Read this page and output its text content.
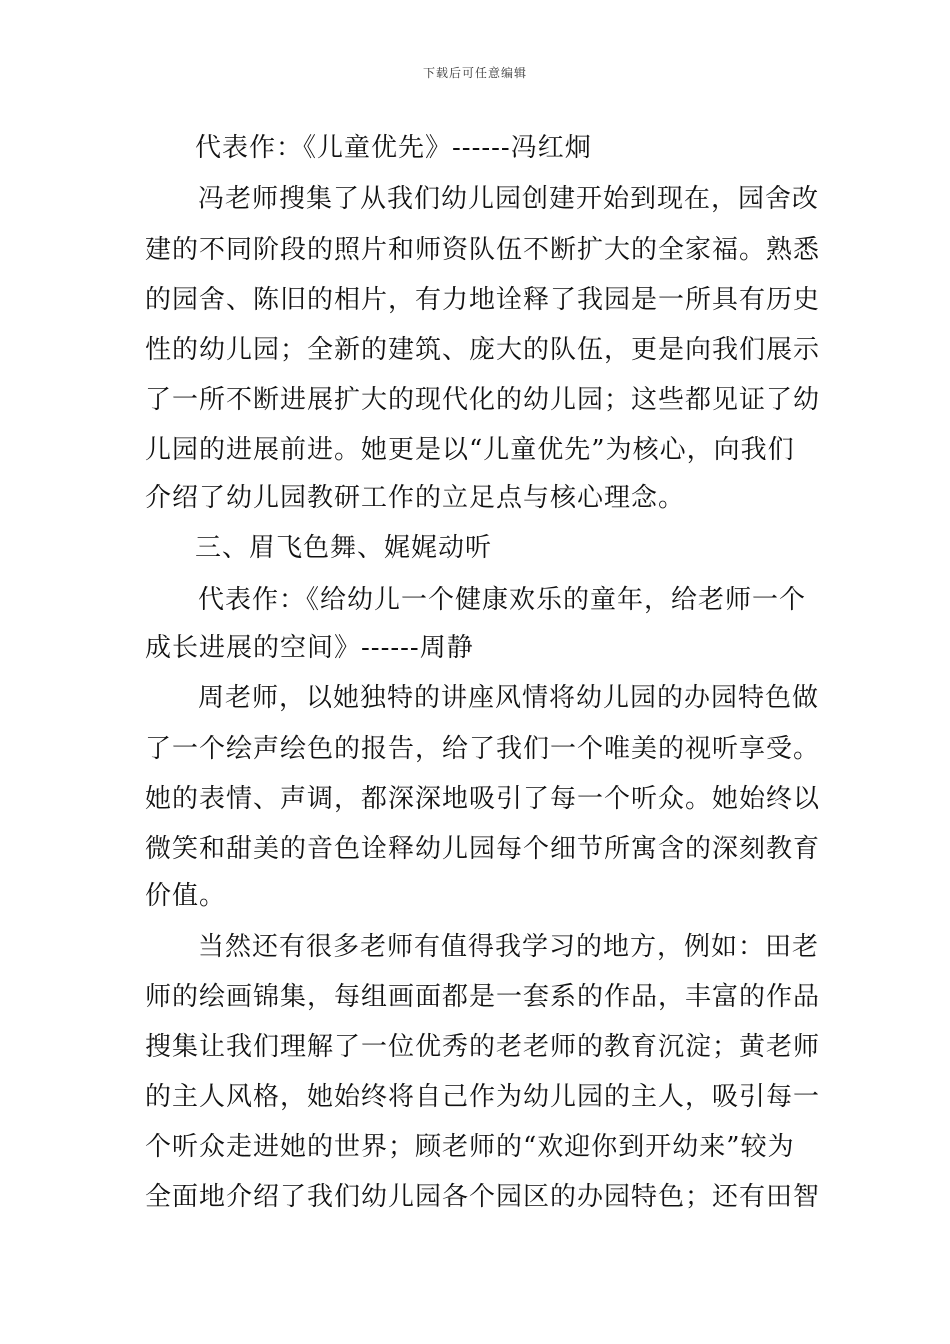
下载后可任意编辑
代表作：《儿童优先》------冯红炯
冯老师搜集了从我们幼儿园创建开始到现在，园舍改
建的不同阶段的照片和师资队伍不断扩大的全家福。熟悉
的园舍、陈旧的相片，有力地诠释了我园是一所具有历史
性的幼儿园；全新的建筑、庞大的队伍，更是向我们展示
了一所不断进展扩大的现代化的幼儿园；这些都见证了幼
儿园的进展前进。她更是以“儿童优先”为核心，向我们
介绍了幼儿园教研工作的立足点与核心理念。
三、眉飞色舞、娓娓动听
代表作：《给幼儿一个健康欢乐的童年，给老师一个
成长进展的空间》------周静
周老师，以她独特的讲座风情将幼儿园的办园特色做
了一个绘声绘色的报告，给了我们一个唯美的视听享受。
她的表情、声调，都深深地吸引了每一个听众。她始终以
微笑和甜美的音色诠释幼儿园每个细节所寓含的深刻教育
价值。
当然还有很多老师有值得我学习的地方，例如：田老
师的绘画锦集，每组画面都是一套系的作品，丰富的作品
搜集让我们理解了一位优秀的老老师的教育沉淀；黄老师
的主人风格，她始终将自己作为幼儿园的主人，吸引每一
个听众走进她的世界；顾老师的“欢迎你到开幼来”较为
全面地介绍了我们幼儿园各个园区的办园特色；还有田智
